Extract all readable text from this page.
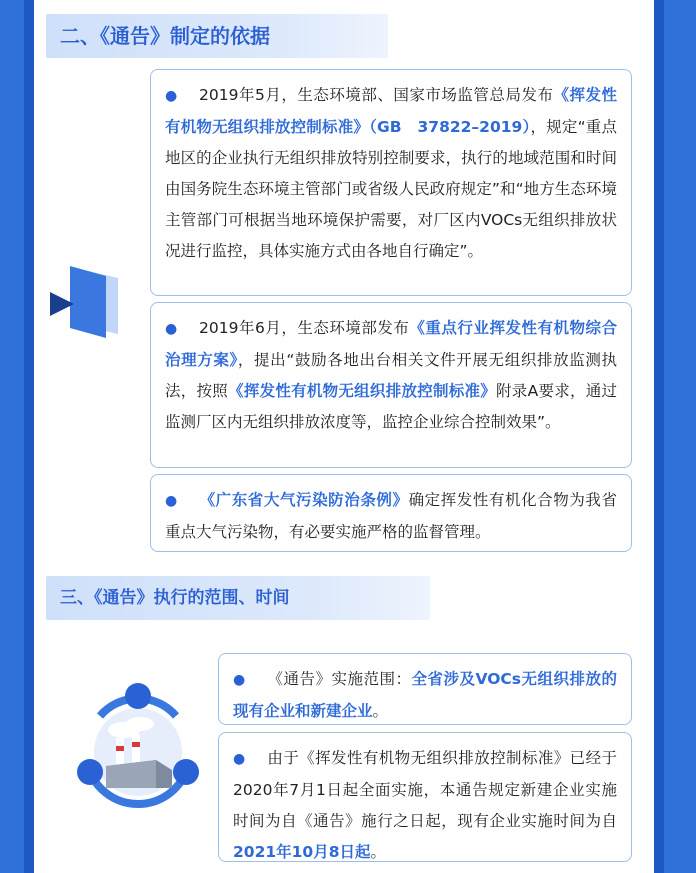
二、《通告》制定的依据
● 2019年5月，生态环境部、国家市场监管总局发布《挥发性有机物无组织排放控制标准》（GB　37822–2019），规定“重点地区的企业执行无组织排放特别控制要求，执行的地域范围和时间由国务院生态环境主管部门或省级人民政府规定”和“地方生态环境主管部门可根据当地环境保护需要，对厂区内VOCs无组织排放状况进行监控，具体实施方式由各地自行确定”。
● 2019年6月，生态环境部发布《重点行业挥发性有机物综合治理方案》，提出“鼓励各地出台相关文件开展无组织排放监测执法，按照《挥发性有机物无组织排放控制标准》附录A要求，通过监测厂区内无组织排放浓度等，监控企业综合控制效果”。
● 《广东省大气污染防治条例》确定挥发性有机化合物为我省重点大气污染物，有必要实施严格的监督管理。
三、《通告》执行的范围、时间
● 《通告》实施范围：全省涉及VOCs无组织排放的现有企业和新建企业。
● 由于《挥发性有机物无组织排放控制标准》已经于2020年7月1日起全面实施，本通告规定新建企业实施时间为自《通告》施行之日起，现有企业实施时间为自2021年10月8日起。
